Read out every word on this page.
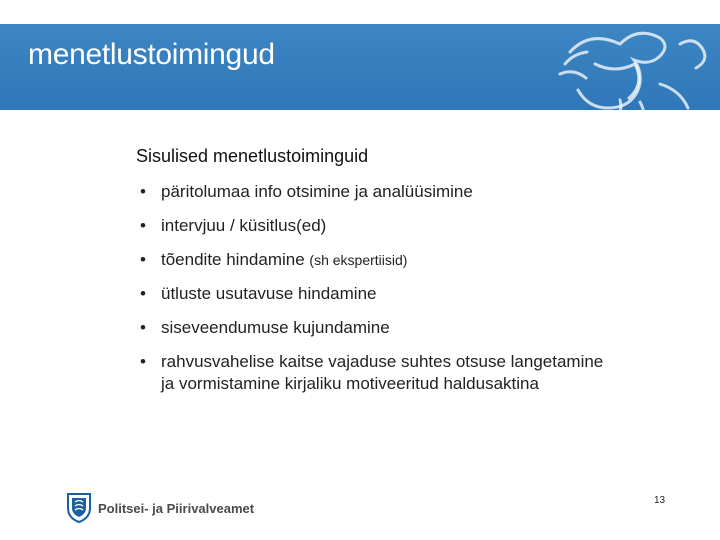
menetlustoimingud
Sisulised menetlustoiminguid
• päritolumaa info otsimine ja analüüsimine
• intervjuu / küsitlus(ed)
• tõendite hindamine (sh ekspertiisid)
• ütluste usutavuse hindamine
• siseveendumuse kujundamine
• rahvusvahelise kaitse vajaduse suhtes otsuse langetamine
ja vormistamine kirjaliku motiveeritud haldusaktina
Politsei- ja Piirivalveamet	13
